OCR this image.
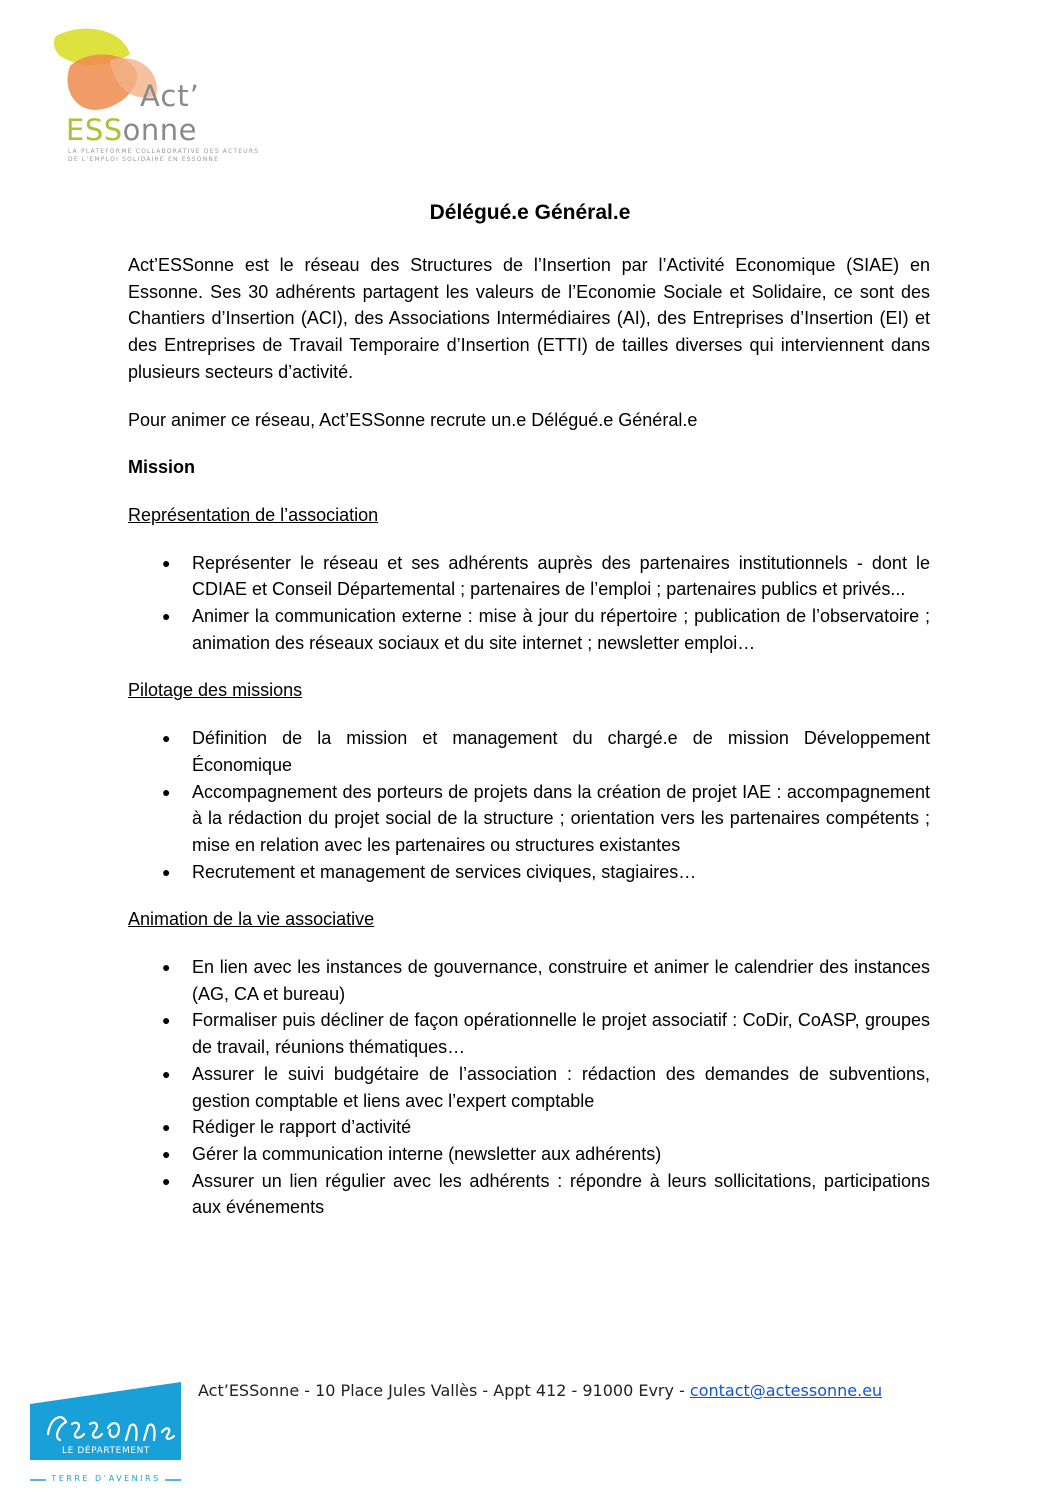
Act’
ESSonne
LA PLATEFORME COLLABORATIVE DES ACTEURS
DE L’EMPLOI SOLIDAIRE EN ESSONNE
Délégué.e Général.e

Act’ESSonne est le réseau des Structures de l’Insertion par l’Activité Economique (SIAE) en Essonne. Ses 30 adhérents partagent les valeurs de l’Economie Sociale et Solidaire, ce sont des Chantiers d’Insertion (ACI), des Associations Intermédiaires (AI), des Entreprises d’Insertion (EI) et des Entreprises de Travail Temporaire d’Insertion (ETTI) de tailles diverses qui interviennent dans plusieurs secteurs d’activité.

Pour animer ce réseau, Act’ESSonne recrute un.e Délégué.e Général.e

Mission

Représentation de l’association

● Représenter le réseau et ses adhérents auprès des partenaires institutionnels - dont le CDIAE et Conseil Départemental ; partenaires de l’emploi ; partenaires publics et privés...
● Animer la communication externe : mise à jour du répertoire ; publication de l’observatoire ; animation des réseaux sociaux et du site internet ; newsletter emploi…

Pilotage des missions

● Définition de la mission et management du chargé.e de mission Développement Économique
● Accompagnement des porteurs de projets dans la création de projet IAE : accompagnement à la rédaction du projet social de la structure ; orientation vers les partenaires compétents ; mise en relation avec les partenaires ou structures existantes
● Recrutement et management de services civiques, stagiaires…

Animation de la vie associative

● En lien avec les instances de gouvernance, construire et animer le calendrier des instances (AG, CA et bureau)
● Formaliser puis décliner de façon opérationnelle le projet associatif : CoDir, CoASP, groupes de travail, réunions thématiques…
● Assurer le suivi budgétaire de l’association : rédaction des demandes de subventions, gestion comptable et liens avec l’expert comptable
● Rédiger le rapport d’activité
● Gérer la communication interne (newsletter aux adhérents)
● Assurer un lien régulier avec les adhérents : répondre à leurs sollicitations, participations aux événements
LE DÉPARTEMENT
TERRE D’AVENIRS
Act’ESSonne - 10 Place Jules Vallès - Appt 412 - 91000 Evry - contact@actessonne.eu
